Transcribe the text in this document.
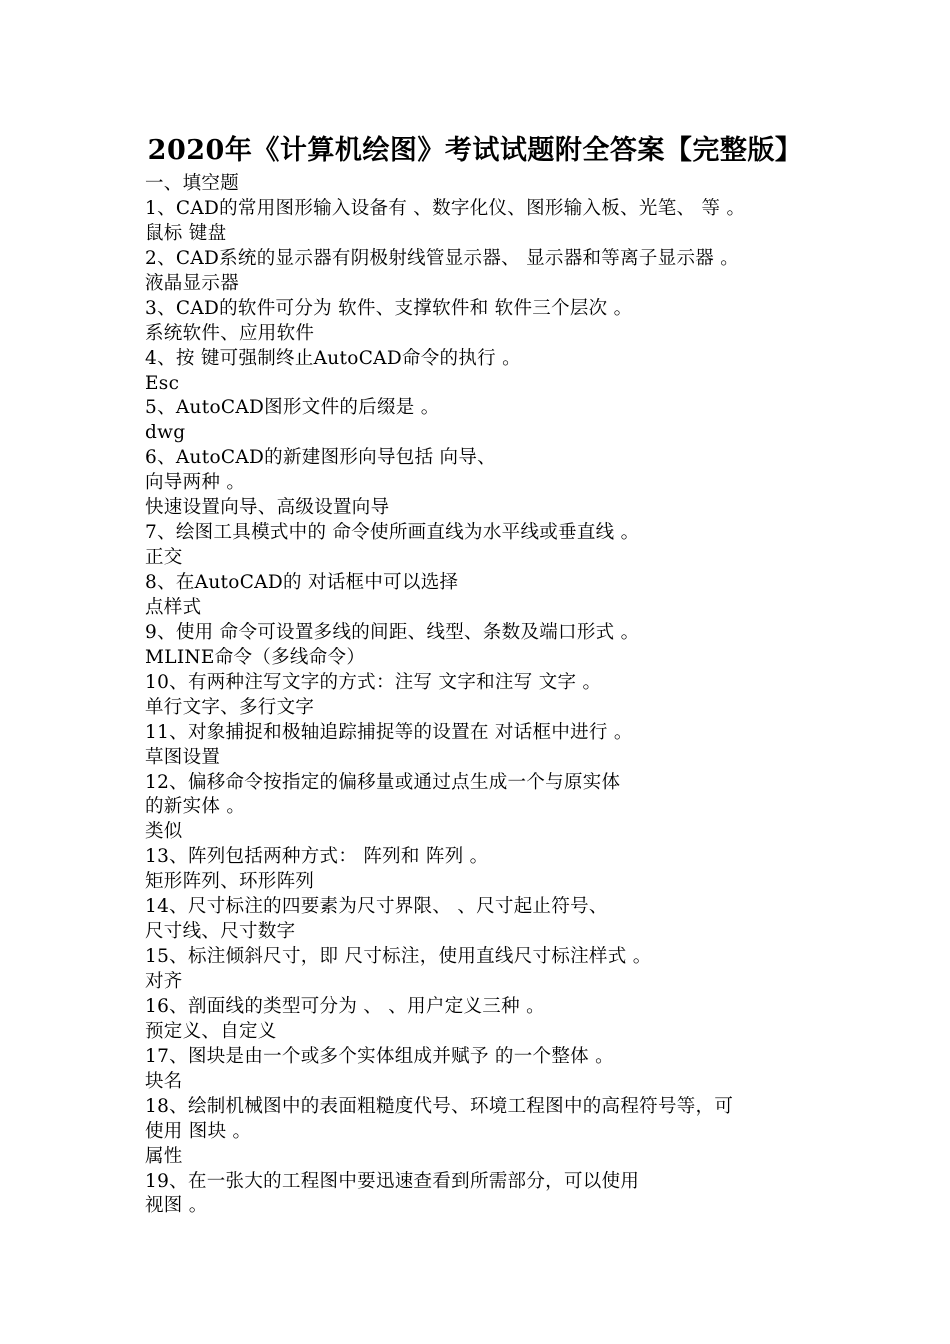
2020年《计算机绘图》考试试题附全答案【完整版】
一、填空题
1、CAD的常用图形输入设备有 、数字化仪、图形输入板、光笔、 等 。
鼠标 键盘
2、CAD系统的显示器有阴极射线管显示器、 显示器和等离子显示器 。
液晶显示器
3、CAD的软件可分为 软件、支撑软件和 软件三个层次 。
系统软件、应用软件
4、按 键可强制终止AutoCAD命令的执行 。
Esc
5、AutoCAD图形文件的后缀是 。
dwg
6、AutoCAD的新建图形向导包括 向导、
向导两种 。
快速设置向导、高级设置向导
7、绘图工具模式中的 命令使所画直线为水平线或垂直线 。
正交
8、在AutoCAD的 对话框中可以选择
点样式
9、使用 命令可设置多线的间距、线型、条数及端口形式 。
MLINE命令（多线命令）
10、有两种注写文字的方式：注写 文字和注写 文字 。
单行文字、多行文字
11、对象捕捉和极轴追踪捕捉等的设置在 对话框中进行 。
草图设置
12、偏移命令按指定的偏移量或通过点生成一个与原实体
的新实体 。
类似
13、阵列包括两种方式： 阵列和 阵列 。
矩形阵列、环形阵列
14、尺寸标注的四要素为尺寸界限、 、尺寸起止符号、
尺寸线、尺寸数字
15、标注倾斜尺寸，即 尺寸标注，使用直线尺寸标注样式 。
对齐
16、剖面线的类型可分为 、 、用户定义三种 。
预定义、自定义
17、图块是由一个或多个实体组成并赋予 的一个整体 。
块名
18、绘制机械图中的表面粗糙度代号、环境工程图中的高程符号等，可
使用 图块 。
属性
19、在一张大的工程图中要迅速查看到所需部分，可以使用
视图 。
